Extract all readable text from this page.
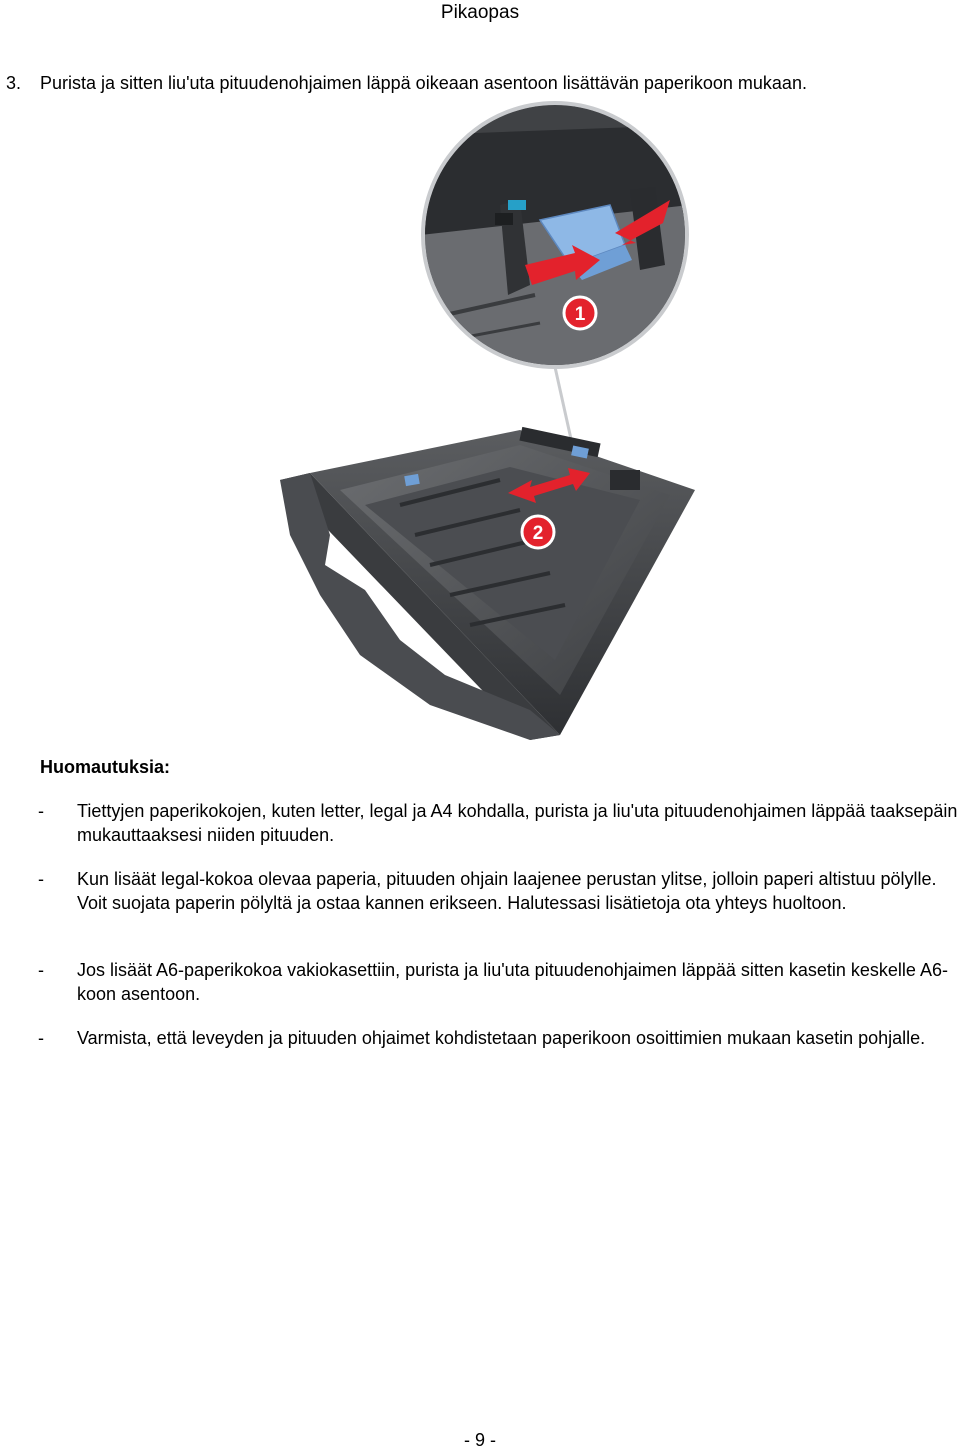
Pikaopas
3. Purista ja sitten liu'uta pituudenohjaimen läppä oikeaan asentoon lisättävän paperikoon mukaan.
1
2
Huomautuksia:
- Tiettyjen paperikokojen, kuten letter, legal ja A4 kohdalla, purista ja liu'uta pituudenohjaimen läppää taaksepäin mukauttaaksesi niiden pituuden.
- Kun lisäät legal-kokoa olevaa paperia, pituuden ohjain laajenee perustan ylitse, jolloin paperi altistuu pölylle. Voit suojata paperin pölyltä ja ostaa kannen erikseen. Halutessasi lisätietoja ota yhteys huoltoon.
- Jos lisäät A6-paperikokoa vakiokasettiin, purista ja liu'uta pituudenohjaimen läppää sitten kasetin keskelle A6-koon asentoon.
- Varmista, että leveyden ja pituuden ohjaimet kohdistetaan paperikoon osoittimien mukaan kasetin pohjalle.
- 9 -
